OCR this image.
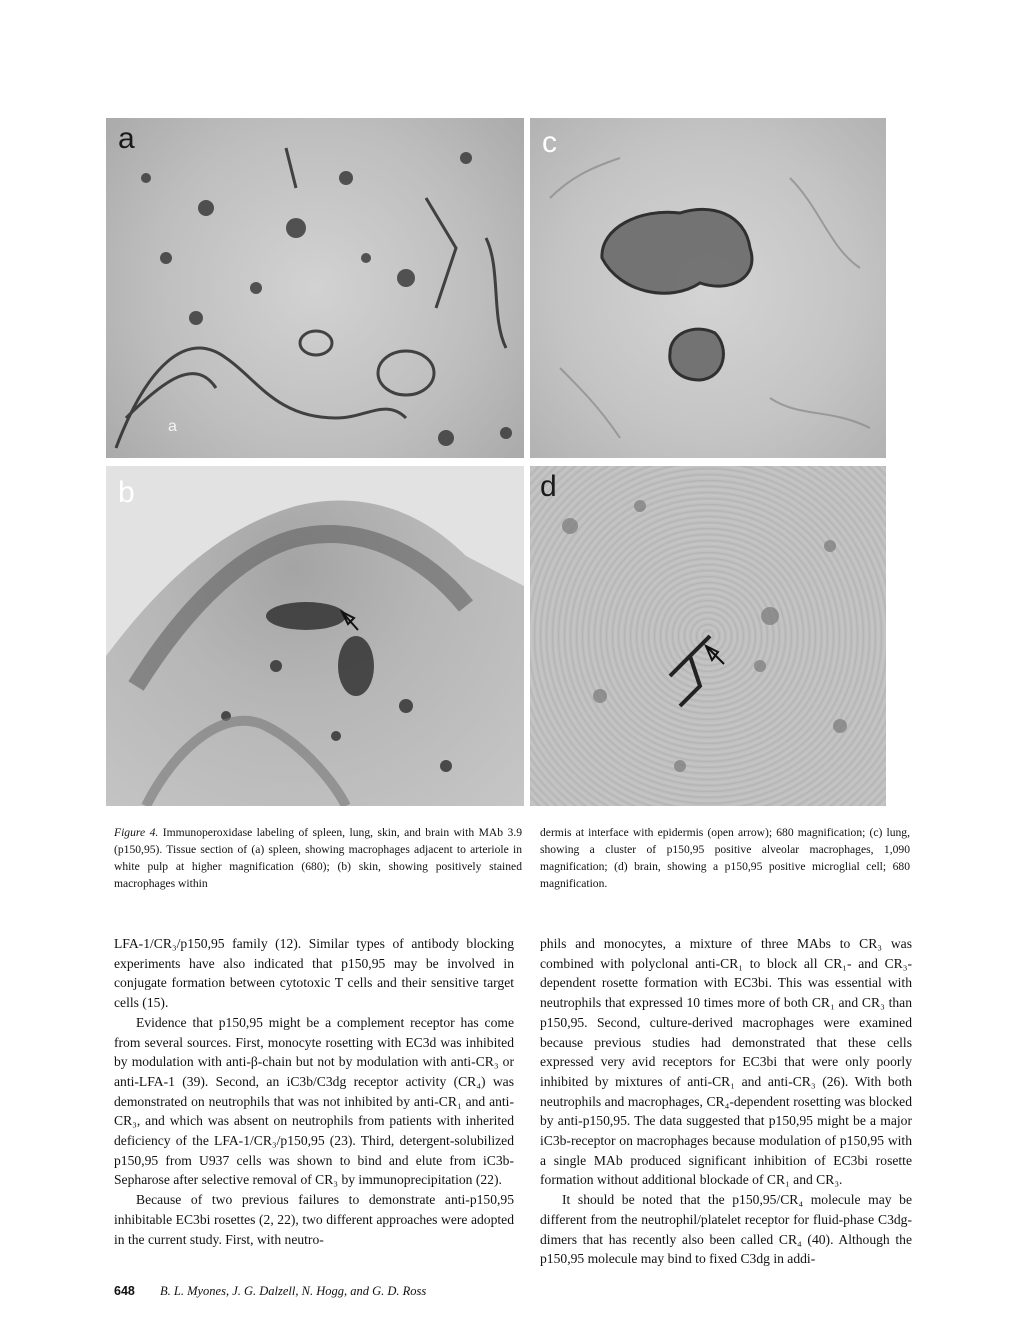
a
a
c
b	d

Figure 4. Immunoperoxidase labeling of spleen, lung, skin, and brain with MAb 3.9 (p150,95). Tissue section of (a) spleen, showing macrophages adjacent to arteriole in white pulp at higher magnification (680); (b) skin, showing positively stained macrophages within

dermis at interface with epidermis (open arrow); 680 magnification; (c) lung, showing a cluster of p150,95 positive alveolar macrophages, 1,090 magnification; (d) brain, showing a p150,95 positive microglial cell; 680 magnification.

LFA-1/CR₃/p150,95 family (12). Similar types of antibody blocking experiments have also indicated that p150,95 may be involved in conjugate formation between cytotoxic T cells and their sensitive target cells (15).

Evidence that p150,95 might be a complement receptor has come from several sources. First, monocyte rosetting with EC3d was inhibited by modulation with anti-β-chain but not by modulation with anti-CR₃ or anti-LFA-1 (39). Second, an iC3b/C3dg receptor activity (CR₄) was demonstrated on neutrophils that was not inhibited by anti-CR₁ and anti-CR₃, and which was absent on neutrophils from patients with inherited deficiency of the LFA-1/CR₃/p150,95 (23). Third, detergent-solubilized p150,95 from U937 cells was shown to bind and elute from iC3b-Sepharose after selective removal of CR₃ by immunoprecipitation (22).

Because of two previous failures to demonstrate anti-p150,95 inhibitable EC3bi rosettes (2, 22), two different approaches were adopted in the current study. First, with neutro-

phils and monocytes, a mixture of three MAbs to CR₃ was combined with polyclonal anti-CR₁ to block all CR₁- and CR₃-dependent rosette formation with EC3bi. This was essential with neutrophils that expressed 10 times more of both CR₁ and CR₃ than p150,95. Second, culture-derived macrophages were examined because previous studies had demonstrated that these cells expressed very avid receptors for EC3bi that were only poorly inhibited by mixtures of anti-CR₁ and anti-CR₃ (26). With both neutrophils and macrophages, CR₄-dependent rosetting was blocked by anti-p150,95. The data suggested that p150,95 might be a major iC3b-receptor on macrophages because modulation of p150,95 with a single MAb produced significant inhibition of EC3bi rosette formation without additional blockade of CR₁ and CR₃.

It should be noted that the p150,95/CR₄ molecule may be different from the neutrophil/platelet receptor for fluid-phase C3dg-dimers that has recently also been called CR₄ (40). Although the p150,95 molecule may bind to fixed C3dg in addi-

648 B. L. Myones, J. G. Dalzell, N. Hogg, and G. D. Ross
